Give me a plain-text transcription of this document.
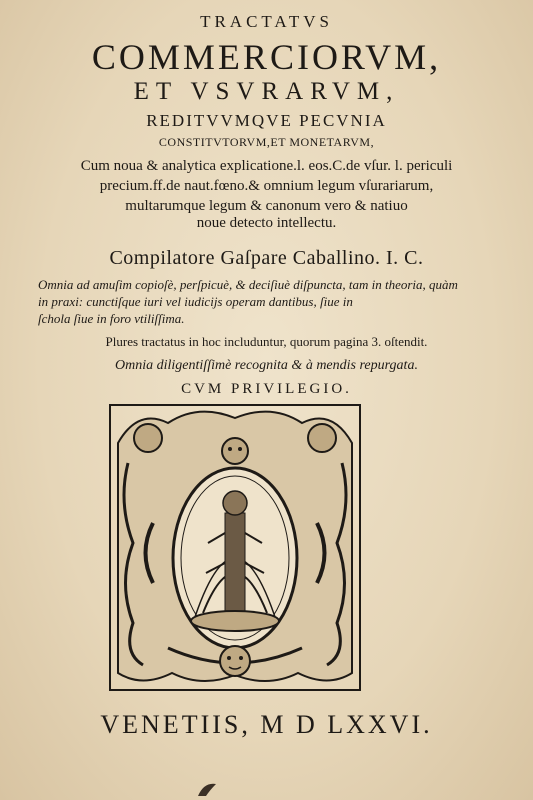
TRACTATVS
COMMERCIORVM,
ET VSVRARVM,
REDITVVMQVE PECVNIA
CONSTITVTORVM,ET MONETARVM,
Cum noua & analytica explicatione.l. eos.C.de vſur. l. periculi
precium.ff.de naut.fœno.& omnium legum vſurariarum,
multarumque legum & canonum vero & natiuo
noue detecto intellectu.
Compilatore Gaſpare Caballino. I. C.
Omnia ad amuſim copioſè, perſpicuè, & deciſiuè diſpuncta, tam in theoria, quàm
in praxi: cunctiſque iuri vel iudicijs operam dantibus, ſiue in
ſchola ſiue in foro vtiliſſima.
Plures tractatus in hoc includuntur, quorum pagina 3. oſtendit.
Omnia diligentiſſimè recognita & à mendis repurgata.
CVM PRIVILEGIO.
VENETIIS, M D LXXVI.
